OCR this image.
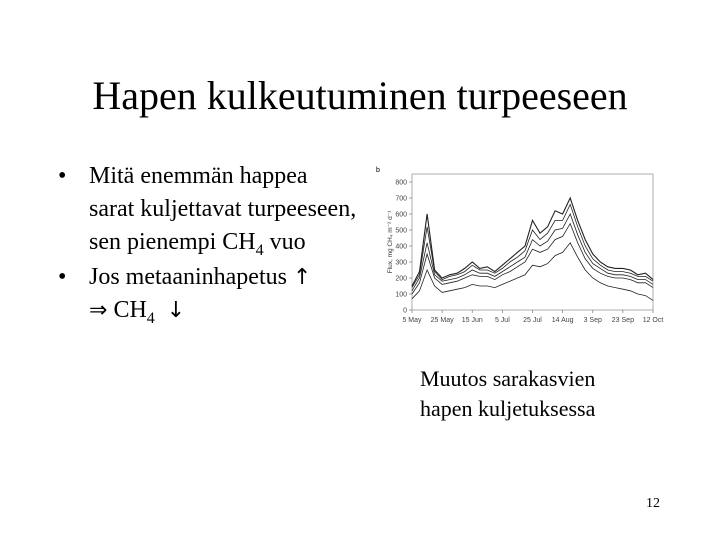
Hapen kulkeutuminen turpeeseen
• Mitä enemmän happea sarat kuljettavat turpeeseen, sen pienempi $CH_4$ vuo
• Jos metaaninhapetus ↑
⇒ $CH_4$ ↓
b
0
100
200
300
400
500
600
700
800
Flux, mg CH₄ m⁻² d⁻¹
5 May 25 May 15 Jun 5 Jul 25 Jul 14 Aug 3 Sep 23 Sep 12 Oct
Muutos sarakasvien
hapen kuljetuksessa
12
